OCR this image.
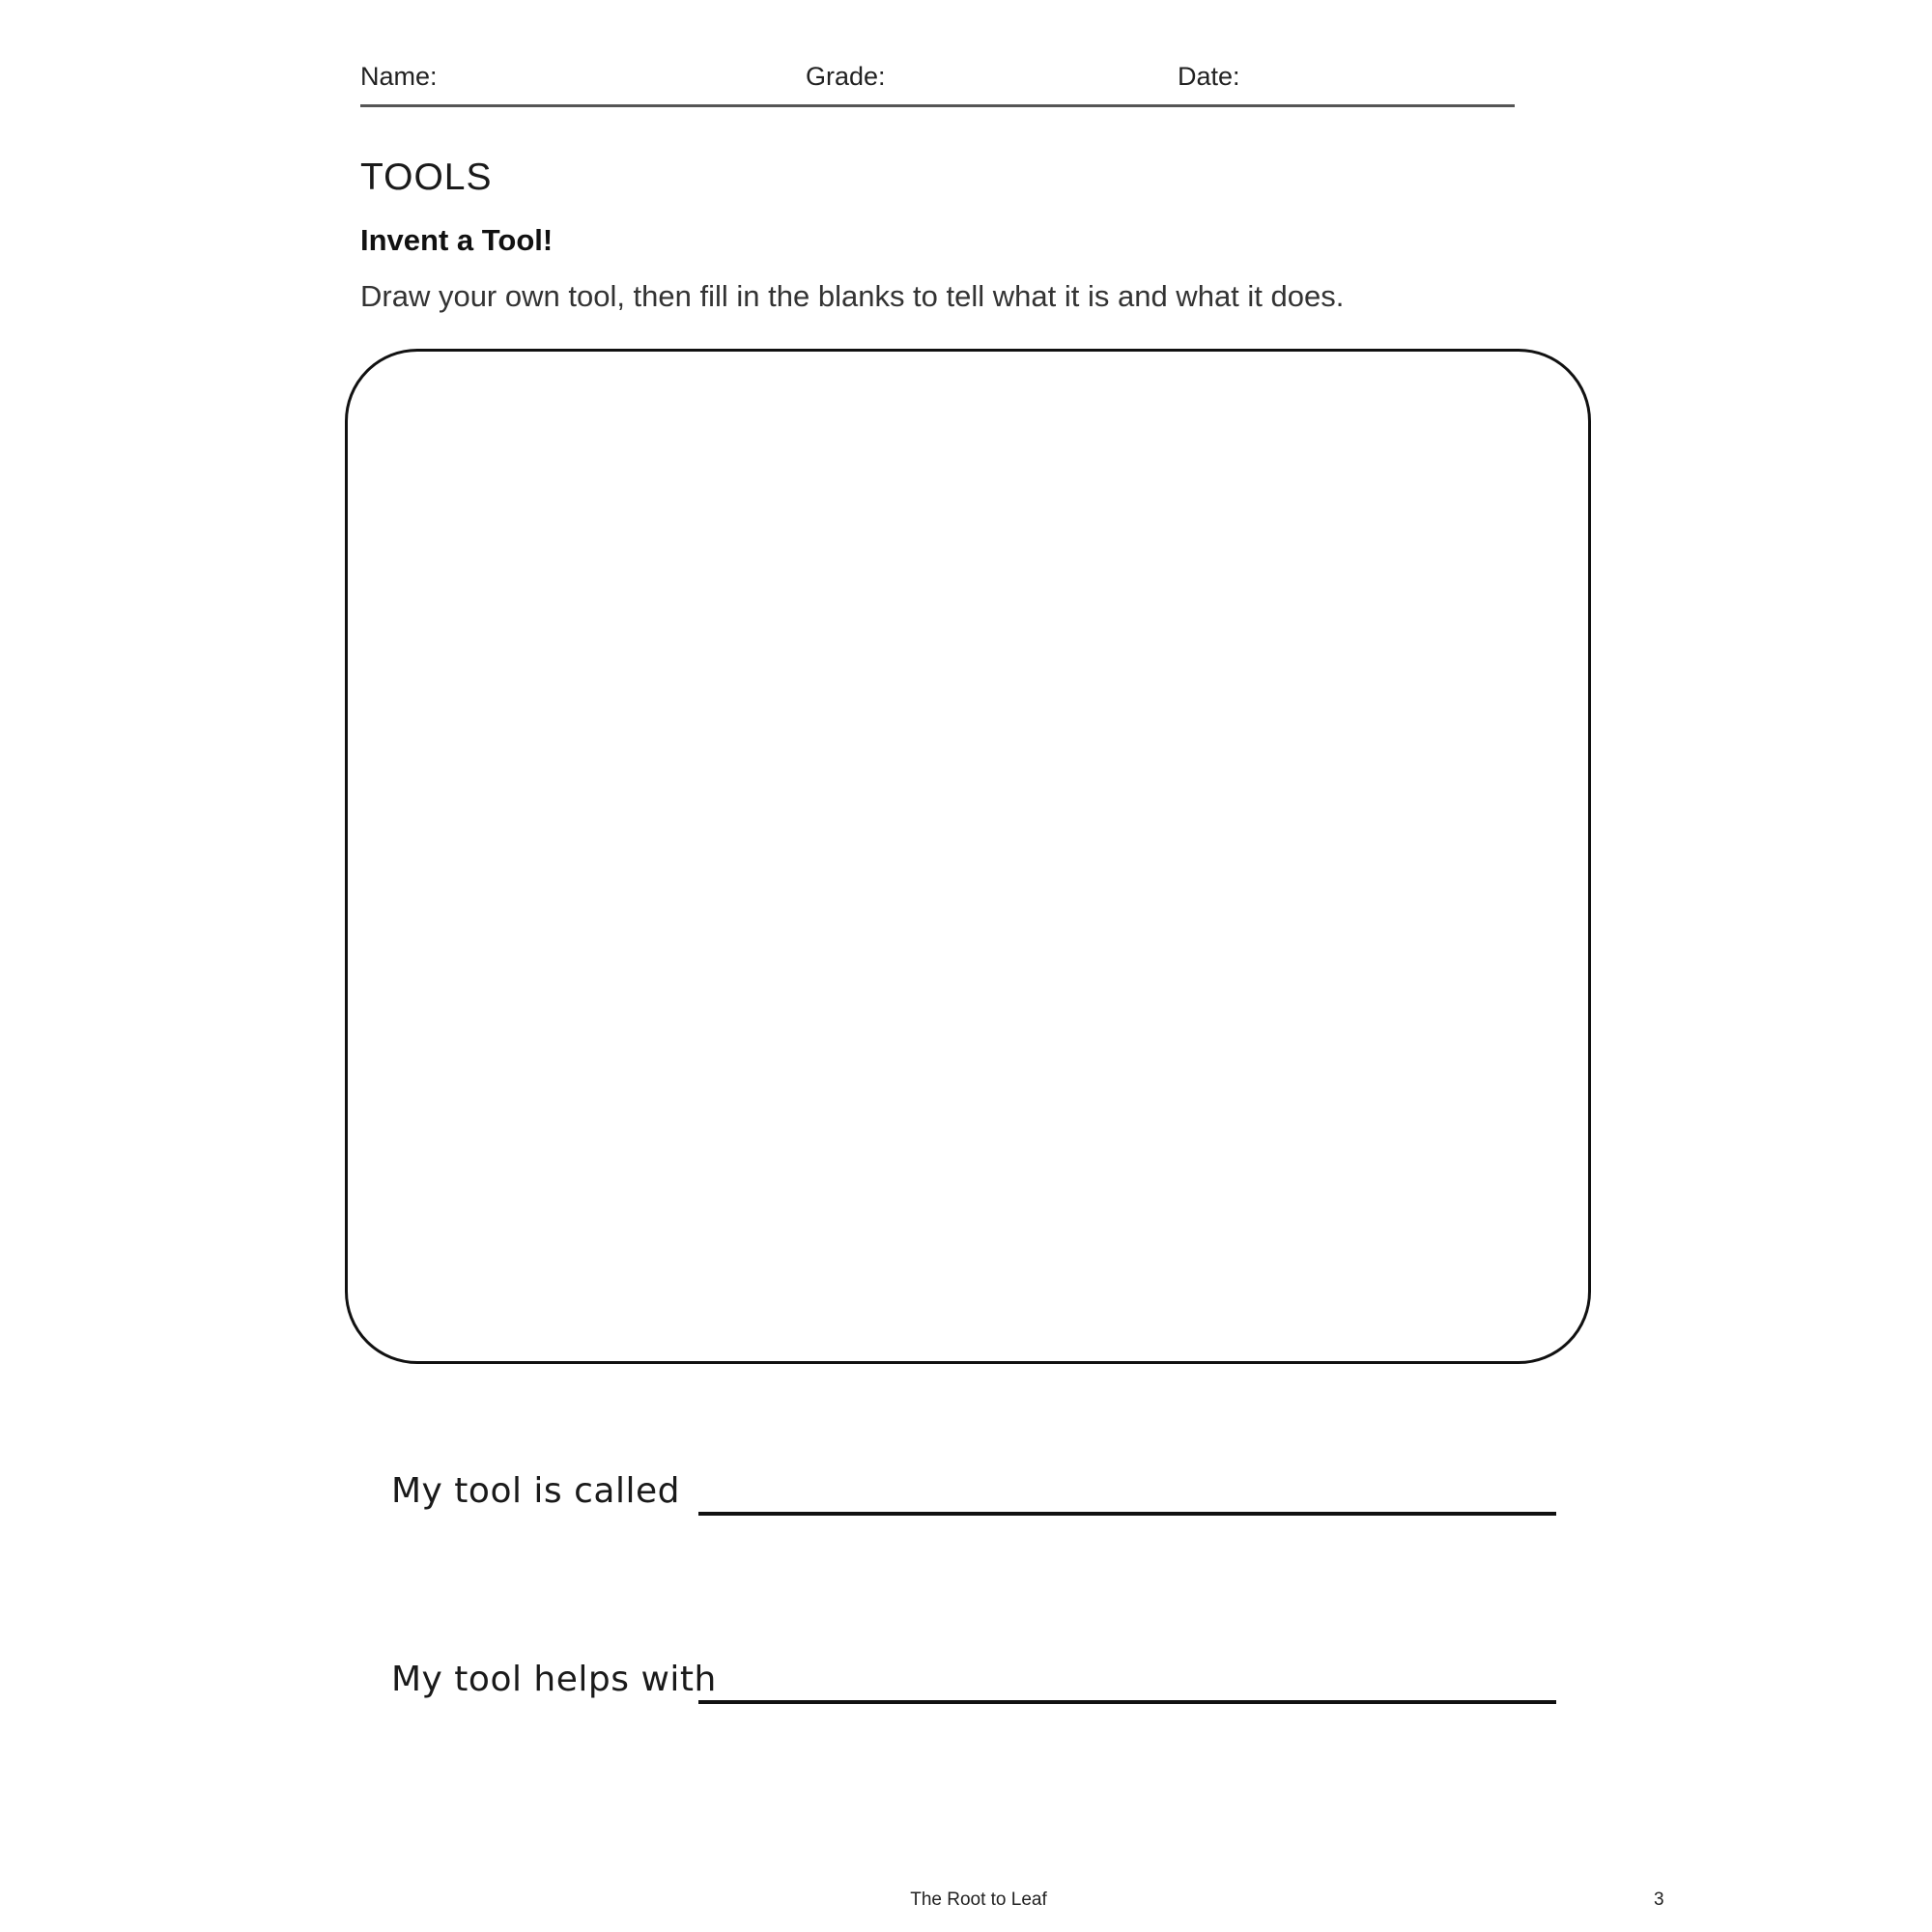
Name:	Grade:	Date:
TOOLS
Invent a Tool!
Draw your own tool, then fill in the blanks to tell what it is and what it does.
My tool is called
My tool helps with
The Root to Leaf	3
